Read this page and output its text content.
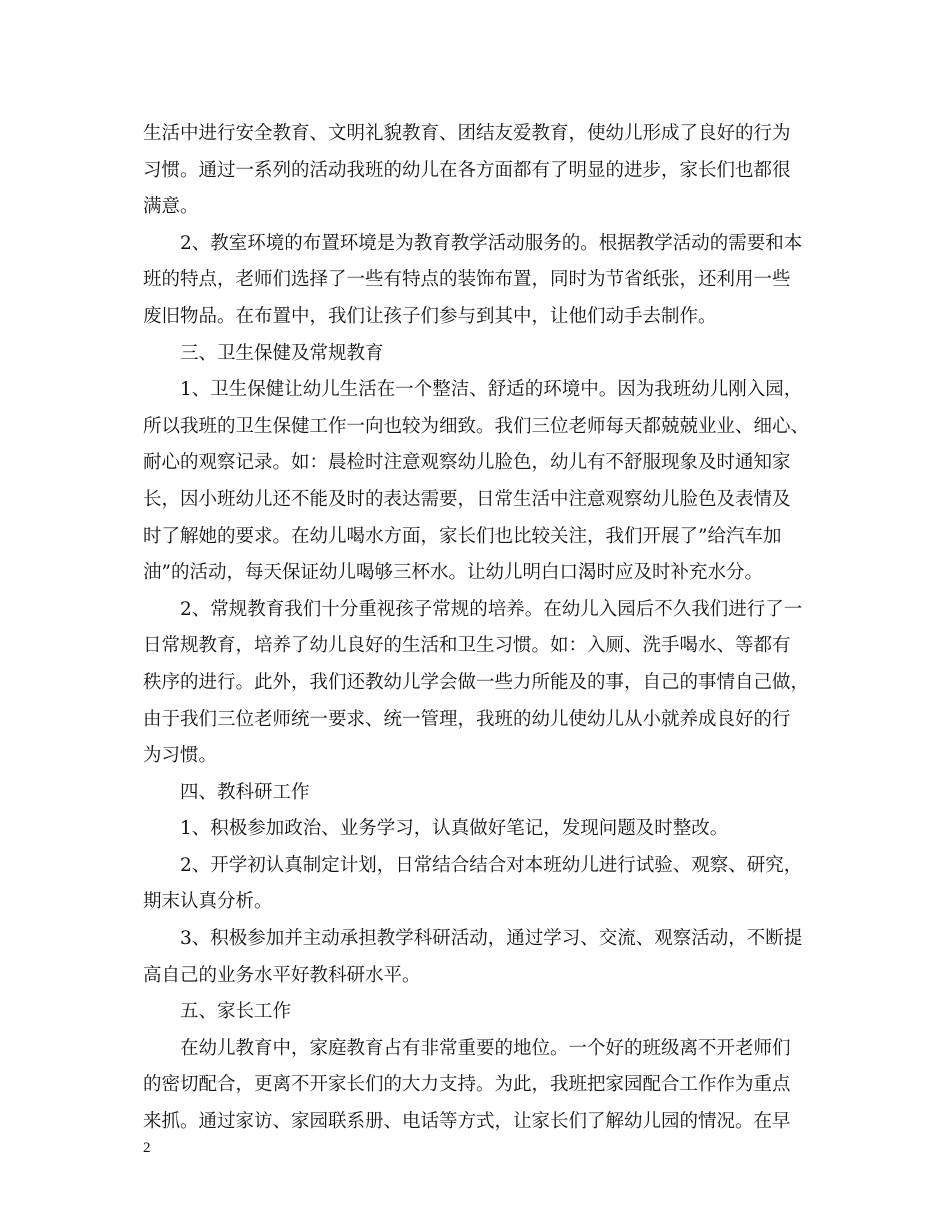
生活中进行安全教育、文明礼貌教育、团结友爱教育，使幼儿形成了良好的行为
习惯。通过一系列的活动我班的幼儿在各方面都有了明显的进步，家长们也都很
满意。
2、教室环境的布置环境是为教育教学活动服务的。根据教学活动的需要和本
班的特点，老师们选择了一些有特点的装饰布置，同时为节省纸张，还利用一些
废旧物品。在布置中，我们让孩子们参与到其中，让他们动手去制作。
三、卫生保健及常规教育
1、卫生保健让幼儿生活在一个整洁、舒适的环境中。因为我班幼儿刚入园，
所以我班的卫生保健工作一向也较为细致。我们三位老师每天都兢兢业业、细心、
耐心的观察记录。如：晨检时注意观察幼儿脸色，幼儿有不舒服现象及时通知家
长，因小班幼儿还不能及时的表达需要，日常生活中注意观察幼儿脸色及表情及
时了解她的要求。在幼儿喝水方面，家长们也比较关注，我们开展了”给汽车加
油”的活动，每天保证幼儿喝够三杯水。让幼儿明白口渴时应及时补充水分。
2、常规教育我们十分重视孩子常规的培养。在幼儿入园后不久我们进行了一
日常规教育，培养了幼儿良好的生活和卫生习惯。如：入厕、洗手喝水、等都有
秩序的进行。此外，我们还教幼儿学会做一些力所能及的事，自己的事情自己做，
由于我们三位老师统一要求、统一管理，我班的幼儿使幼儿从小就养成良好的行
为习惯。
四、教科研工作
1、积极参加政治、业务学习，认真做好笔记，发现问题及时整改。
2、开学初认真制定计划，日常结合结合对本班幼儿进行试验、观察、研究，
期末认真分析。
3、积极参加并主动承担教学科研活动，通过学习、交流、观察活动，不断提
高自己的业务水平好教科研水平。
五、家长工作
在幼儿教育中，家庭教育占有非常重要的地位。一个好的班级离不开老师们
的密切配合，更离不开家长们的大力支持。为此，我班把家园配合工作作为重点
来抓。通过家访、家园联系册、电话等方式，让家长们了解幼儿园的情况。在早
2
